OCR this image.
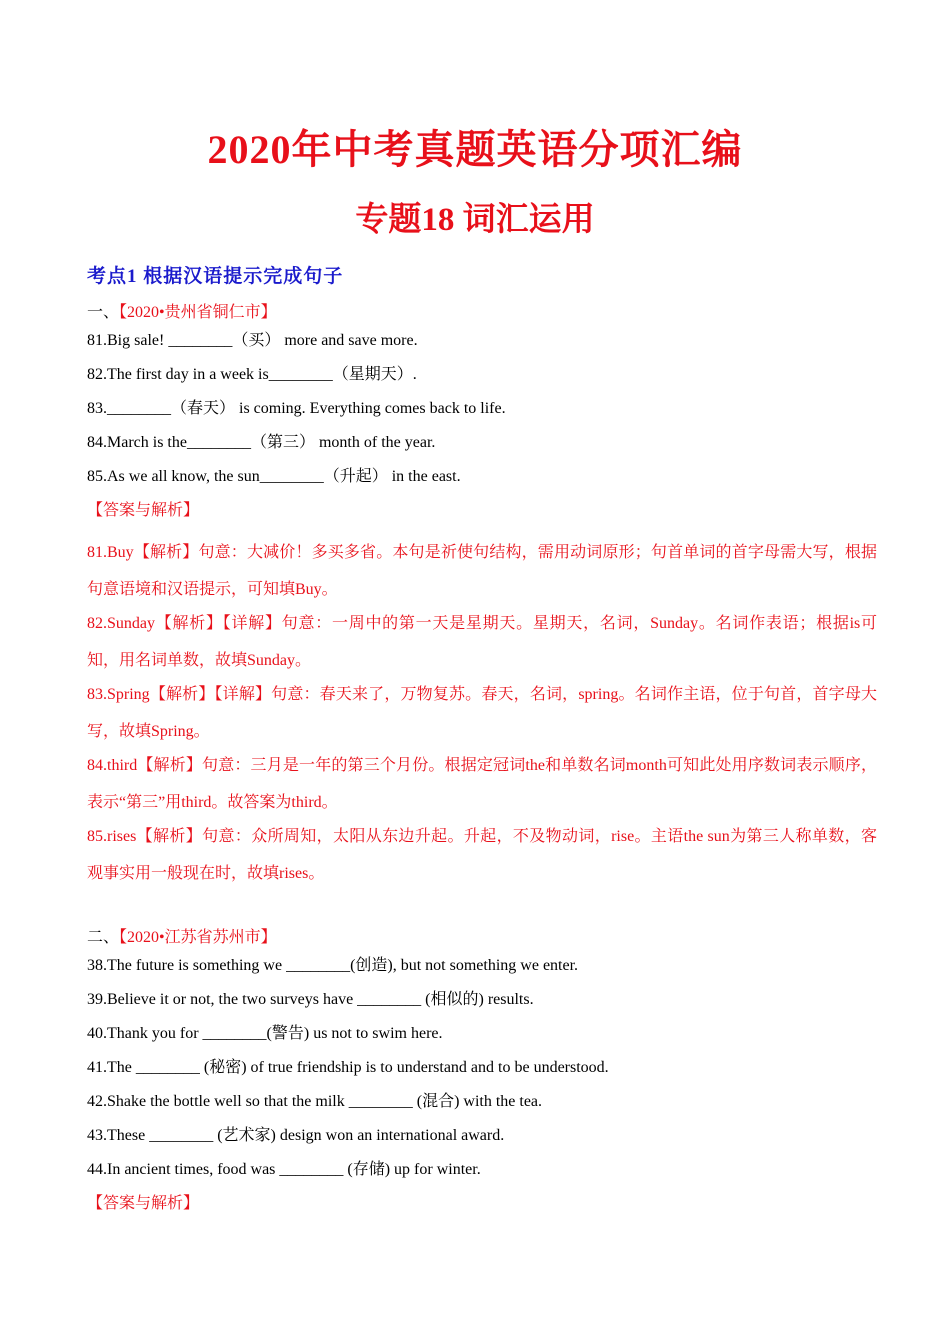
2020年中考真题英语分项汇编
专题18 词汇运用
考点1 根据汉语提示完成句子
一、【2020•贵州省铜仁市】
81.Big sale! ________（买） more and save more.
82.The first day in a week is________（星期天）.
83.________（春天） is coming. Everything comes back to life.
84.March is the________（第三） month of the year.
85.As we all know, the sun________（升起） in the east.
【答案与解析】
81.Buy【解析】句意：大减价！多买多省。本句是祈使句结构，需用动词原形；句首单词的首字母需大写，根据句意语境和汉语提示，可知填Buy。
82.Sunday【解析】【详解】句意：一周中的第一天是星期天。星期天，名词，Sunday。名词作表语；根据is可知，用名词单数，故填Sunday。
83.Spring【解析】【详解】句意：春天来了，万物复苏。春天，名词，spring。名词作主语，位于句首，首字母大写，故填Spring。
84.third【解析】句意：三月是一年的第三个月份。根据定冠词the和单数名词month可知此处用序数词表示顺序，表示“第三”用third。故答案为third。
85.rises【解析】句意：众所周知，太阳从东边升起。升起，不及物动词，rise。主语the sun为第三人称单数，客观事实用一般现在时，故填rises。
二、【2020•江苏省苏州市】
38.The future is something we ________(创造), but not something we enter.
39.Believe it or not, the two surveys have ________ (相似的) results.
40.Thank you for ________(警告) us not to swim here.
41.The ________ (秘密) of true friendship is to understand and to be understood.
42.Shake the bottle well so that the milk ________ (混合) with the tea.
43.These ________ (艺术家) design won an international award.
44.In ancient times, food was ________ (存储) up for winter.
【答案与解析】
